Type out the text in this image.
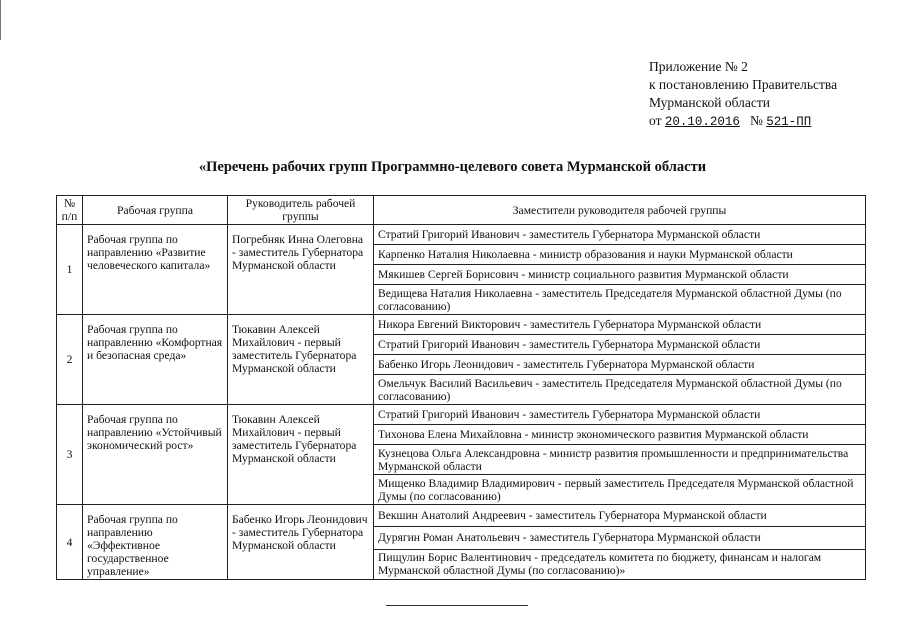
Приложение № 2
к постановлению Правительства
Мурманской области
от 20.10.2016 № 521-ПП
«Перечень рабочих групп Программно-целевого совета Мурманской области
№ п/п	Рабочая группа	Руководитель рабочей группы	Заместители руководителя рабочей группы
1	Рабочая группа по направлению «Развитие человеческого капитала»	Погребняк Инна Олеговна - заместитель Губернатора Мурманской области	Стратий Григорий Иванович - заместитель Губернатора Мурманской области
			Карпенко Наталия Николаевна - министр образования и науки Мурманской области
			Мякишев Сергей Борисович - министр социального развития Мурманской области
			Ведищева Наталия Николаевна - заместитель Председателя Мурманской областной Думы (по согласованию)
2	Рабочая группа по направлению «Комфортная и безопасная среда»	Тюкавин Алексей Михайлович - первый заместитель Губернатора Мурманской области	Никора Евгений Викторович - заместитель Губернатора Мурманской области
			Стратий Григорий Иванович - заместитель Губернатора Мурманской области
			Бабенко Игорь Леонидович - заместитель Губернатора Мурманской области
			Омельчук Василий Васильевич - заместитель Председателя Мурманской областной Думы (по согласованию)
3	Рабочая группа по направлению «Устойчивый экономический рост»	Тюкавин Алексей Михайлович - первый заместитель Губернатора Мурманской области	Стратий Григорий Иванович - заместитель Губернатора Мурманской области
			Тихонова Елена Михайловна - министр экономического развития Мурманской области
			Кузнецова Ольга Александровна - министр развития промышленности и предпринимательства Мурманской области
			Мищенко Владимир Владимирович - первый заместитель Председателя Мурманской областной Думы (по согласованию)
4	Рабочая группа по направлению «Эффективное государственное управление»	Бабенко Игорь Леонидович - заместитель Губернатора Мурманской области	Векшин Анатолий Андреевич - заместитель Губернатора Мурманской области
			Дурягин Роман Анатольевич - заместитель Губернатора Мурманской области
			Пищулин Борис Валентинович - председатель комитета по бюджету, финансам и налогам Мурманской областной Думы (по согласованию)»
